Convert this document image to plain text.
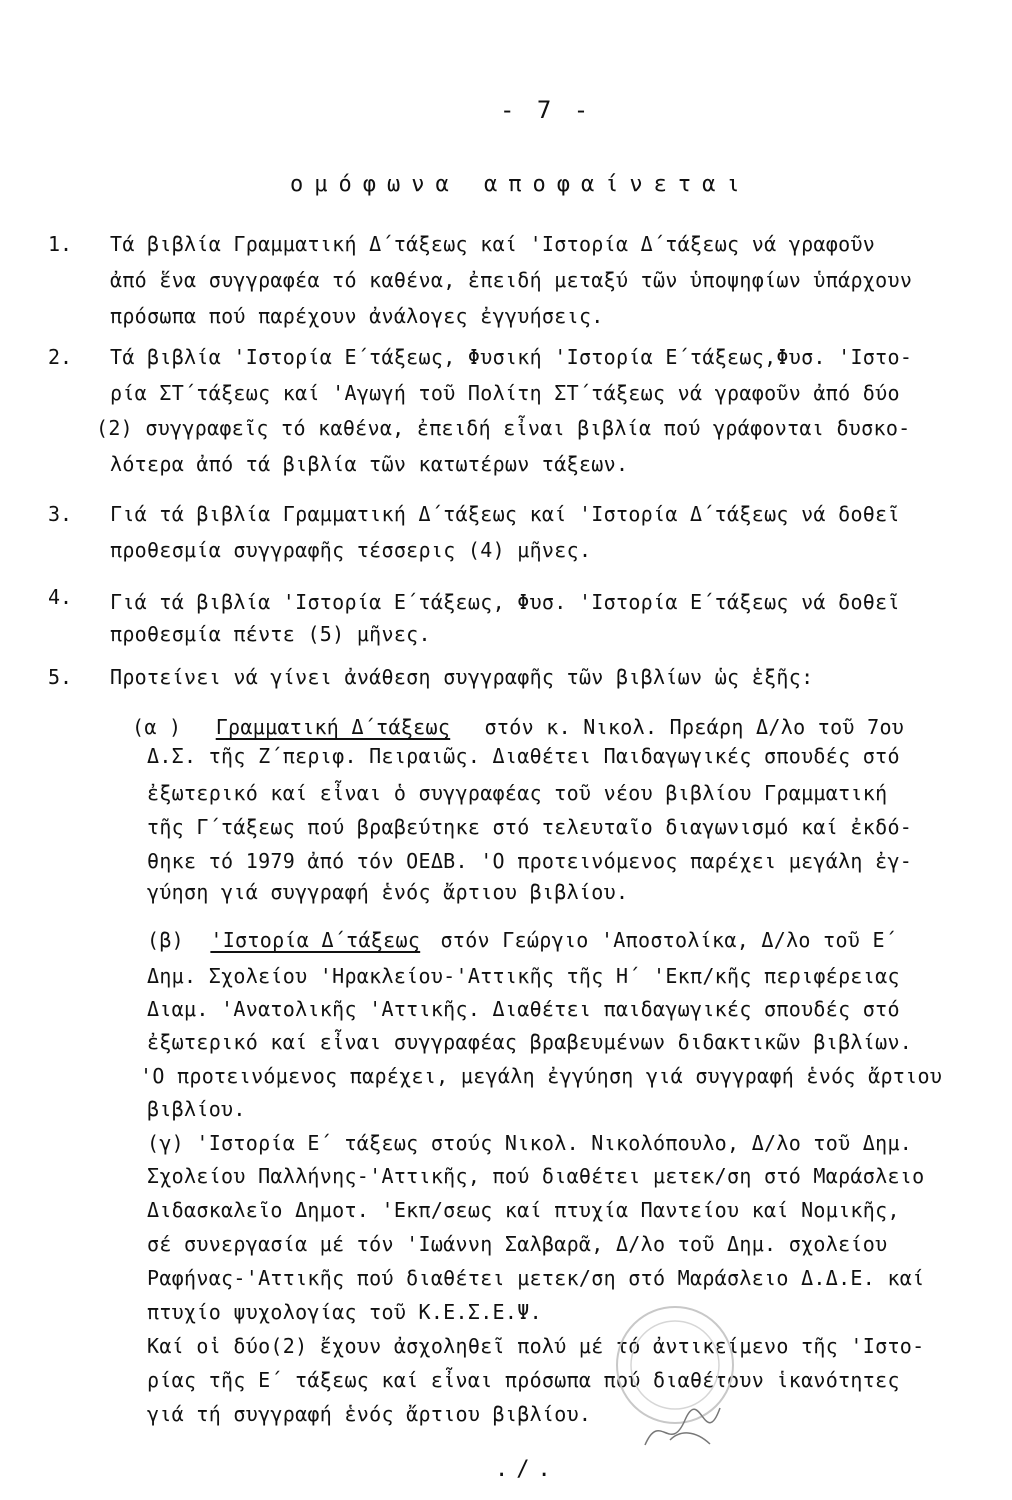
- 7 -
ομόφωνα αποφαίνεται
1. Τά βιβλία Γραμματική Δ΄τάξεως καί 'Ιστορία Δ΄τάξεως νά γραφοῦν
ἀπό ἕνα συγγραφέα τό καθένα, ἐπειδή μεταξύ τῶν ὑποψηφίων ὑπάρχουν
πρόσωπα πού παρέχουν ἀνάλογες ἐγγυήσεις.
2. Τά βιβλία 'Ιστορία Ε΄τάξεως, Φυσική 'Ιστορία Ε΄τάξεως,Φυσ. 'Ιστο-
ρία ΣΤ΄τάξεως καί 'Αγωγή τοῦ Πολίτη ΣΤ΄τάξεως νά γραφοῦν ἀπό δύο
(2) συγγραφεῖς τό καθένα, ἐπειδή εἶναι βιβλία πού γράφονται δυσκο-
λότερα ἀπό τά βιβλία τῶν κατωτέρων τάξεων.
3. Γιά τά βιβλία Γραμματική Δ΄τάξεως καί 'Ιστορία Δ΄τάξεως νά δοθεῖ
προθεσμία συγγραφῆς τέσσερις (4) μῆνες.
4. Γιά τά βιβλία 'Ιστορία Ε΄τάξεως, Φυσ. 'Ιστορία Ε΄τάξεως νά δοθεῖ
προθεσμία πέντε (5) μῆνες.
5. Προτείνει νά γίνει ἀνάθεση συγγραφῆς τῶν βιβλίων ὡς ἑξῆς:
(α ) Γραμματική Δ΄τάξεως στόν κ. Νικολ. Πρεάρη Δ/λο τοῦ 7ου
Δ.Σ. τῆς Ζ΄περιφ. Πειραιῶς. Διαθέτει Παιδαγωγικές σπουδές στό
ἐξωτερικό καί εἶναι ὁ συγγραφέας τοῦ νέου βιβλίου Γραμματική
τῆς Γ΄τάξεως πού βραβεύτηκε στό τελευταῖο διαγωνισμό καί ἐκδό-
θηκε τό 1979 ἀπό τόν ΟΕΔΒ. 'Ο προτεινόμενος παρέχει μεγάλη ἐγ-
γύηση γιά συγγραφή ἑνός ἄρτιου βιβλίου.
(β) 'Ιστορία Δ΄τάξεως στόν Γεώργιο 'Αποστολίκα, Δ/λο τοῦ Ε΄
Δημ. Σχολείου 'Ηρακλείου-'Αττικῆς τῆς Η΄ 'Εκπ/κῆς περιφέρειας
Διαμ. 'Ανατολικῆς 'Αττικῆς. Διαθέτει παιδαγωγικές σπουδές στό
ἐξωτερικό καί εἶναι συγγραφέας βραβευμένων διδακτικῶν βιβλίων.
'Ο προτεινόμενος παρέχει, μεγάλη ἐγγύηση γιά συγγραφή ἑνός ἄρτιου
βιβλίου.
(γ) 'Ιστορία Ε΄ τάξεως στούς Νικολ. Νικολόπουλο, Δ/λο τοῦ Δημ.
Σχολείου Παλλήνης-'Αττικῆς, πού διαθέτει μετεκ/ση στό Μαράσλειο
Διδασκαλεῖο Δημοτ. 'Εκπ/σεως καί πτυχία Παντείου καί Νομικῆς,
σέ συνεργασία μέ τόν 'Ιωάννη Σαλβαρᾶ, Δ/λο τοῦ Δημ. σχολείου
Ραφήνας-'Αττικῆς πού διαθέτει μετεκ/ση στό Μαράσλειο Δ.Δ.Ε. καί
πτυχίο ψυχολογίας τοῦ Κ.Ε.Σ.Ε.Ψ.
Καί οἱ δύο(2) ἔχουν ἀσχοληθεῖ πολύ μέ τό ἀντικείμενο τῆς 'Ιστο-
ρίας τῆς Ε΄ τάξεως καί εἶναι πρόσωπα πού διαθέτουν ἱκανότητες
γιά τή συγγραφή ἑνός ἄρτιου βιβλίου.
./.
